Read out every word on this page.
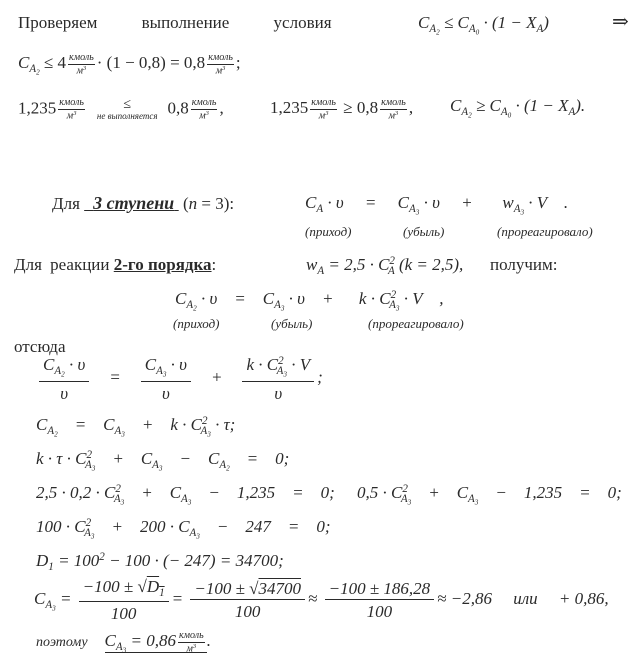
Проверяем выполнение условия	$C_{A_2} \le C_{A_0} \cdot (1 - X_A)$	⇒
$C_{A_2} \le 4 \frac{\text{кмоль}}{м^3} \cdot (1 - 0,8) = 0,8 \frac{\text{кмоль}}{м^3}$ ;
$1,235 \frac{\text{кмоль}}{м^3}$
	≤
не выполняется $0,8 \frac{\text{кмоль}}{м^3}$ ,	$1,235 \frac{\text{кмоль}}{м^3} \ge 0,8 \frac{\text{кмоль}}{м^3}$ , $C_{A_2} \ge C_{A_0} \cdot (1 - X_A)$.
Для 3 ступени  (n = 3):	$C_A \cdot \upsilon$     =     $C_{A_3} \cdot \upsilon$     +       $w_{A_3} \cdot V$    .
(приход)	(убыль)	(прореагировало)
Для реакции 2-го порядка:	$w_A = 2,5 \cdot C^2_A$ (k = 2,5), получим:
$C_{A_2} \cdot \upsilon$    =    $C_{A_3} \cdot \upsilon$    +      $k \cdot C^2_{A_3} \cdot V$    ,
(приход)	(убыль)	(прореагировало)
отсюда
$\frac{C_{A_2} \cdot \upsilon}{\upsilon} = \frac{C_{A_3} \cdot \upsilon}{\upsilon} + \frac{k \cdot C^2_{A_3} \cdot V}{\upsilon}$ ;
$C_{A_2}$    =    $C_{A_3}$    +    $k \cdot C^2_{A_3} \cdot \tau$;
$k \cdot \tau \cdot C^2_{A_3}$    +    $C_{A_3}$    −    $C_{A_2}$    =    0;
$2,5 \cdot 0,2 \cdot C^2_{A_3}$    +    $C_{A_3}$    −    1,235    =    0; $0,5 \cdot C^2_{A_3}$    +    $C_{A_3}$    −    1,235    =    0;
$100 \cdot C^2_{A_3}$    +    $200 \cdot C_{A_3}$    −    247    =    0;
$D_1 = 100^2 - 100$ · (− 247) = 34700;
$C_{A_3} = \frac{-100 \pm √D_1}{100} = \frac{-100 \pm √34700}{100} \approx \frac{-100 \pm 186,28}{100} \approx -2,86$     или     + 0,86,
поэтому $C_{A_3} = 0,86 \frac{\text{кмоль}}{м^3}$ .
